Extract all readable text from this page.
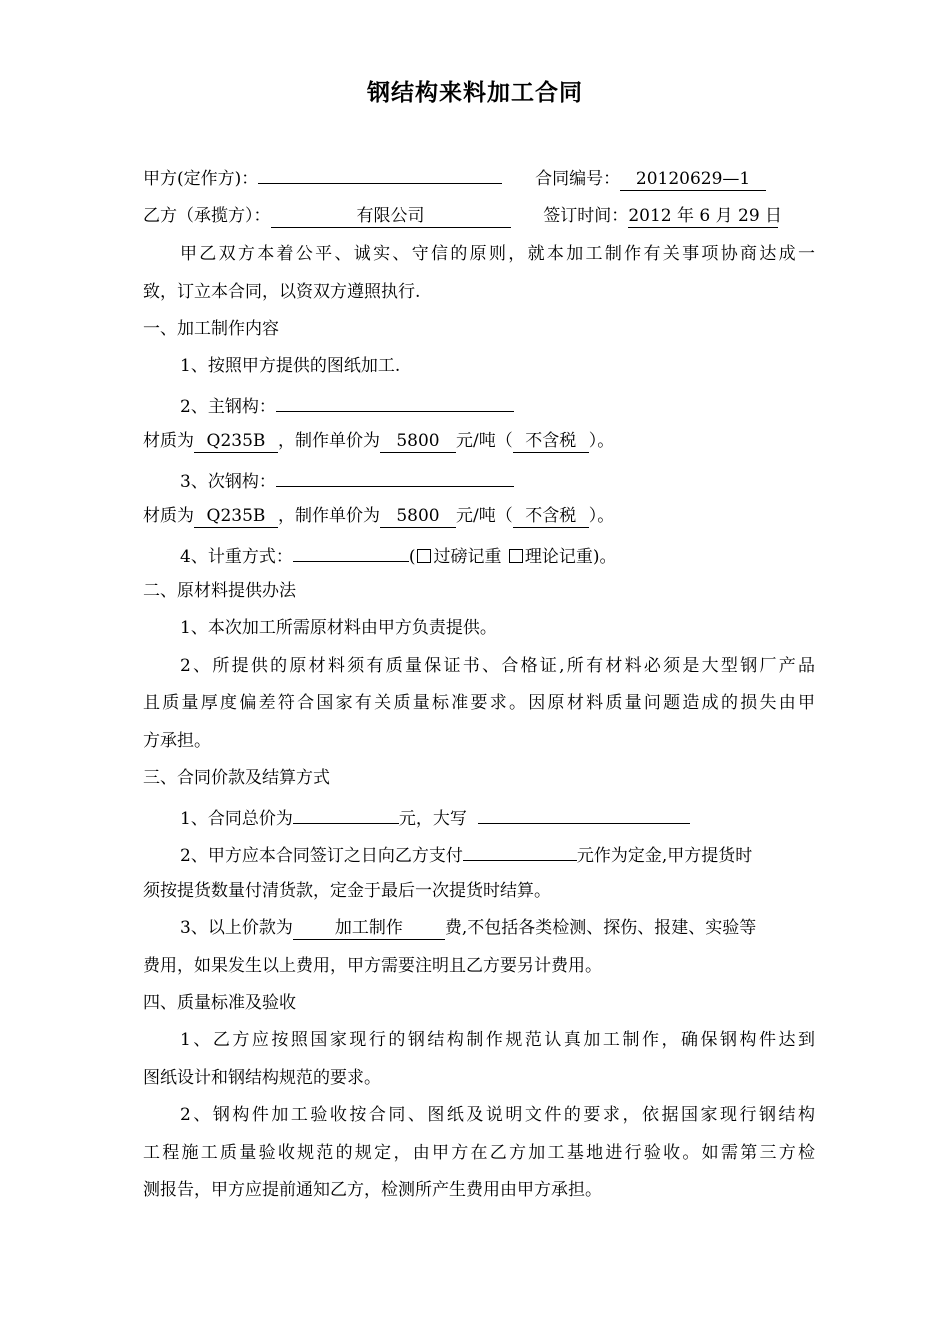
钢结构来料加工合同
甲方(定作方)：	合同编号： 20120629—1
乙方（承揽方）：	有限公司	签订时间：2012 年 6 月 29 日
甲乙双方本着公平、诚实、守信的原则，就本加工制作有关事项协商达成一
致，订立本合同，以资双方遵照执行.
一、加工制作内容
1、按照甲方提供的图纸加工.
2、主钢构：
材质为 Q235B ，制作单价为 5800 元/吨（ 不含税 ）。
3、次钢构：
材质为 Q235B ，制作单价为 5800 元/吨（ 不含税 ）。
4、计重方式：	( 过磅记重 理论记重)。
二、原材料提供办法
1、本次加工所需原材料由甲方负责提供。
2、所提供的原材料须有质量保证书、合格证,所有材料必须是大型钢厂产品
且质量厚度偏差符合国家有关质量标准要求。因原材料质量问题造成的损失由甲
方承担。
三、合同价款及结算方式
1、合同总价为	元，大写
2、甲方应本合同签订之日向乙方支付	元作为定金,甲方提货时
须按提货数量付清货款，定金于最后一次提货时结算。
3、以上价款为 加工制作 费,不包括各类检测、探伤、报建、实验等
费用，如果发生以上费用，甲方需要注明且乙方要另计费用。
四、质量标准及验收
1、乙方应按照国家现行的钢结构制作规范认真加工制作，确保钢构件达到
图纸设计和钢结构规范的要求。
2、钢构件加工验收按合同、图纸及说明文件的要求，依据国家现行钢结构
工程施工质量验收规范的规定，由甲方在乙方加工基地进行验收。如需第三方检
测报告，甲方应提前通知乙方，检测所产生费用由甲方承担。
